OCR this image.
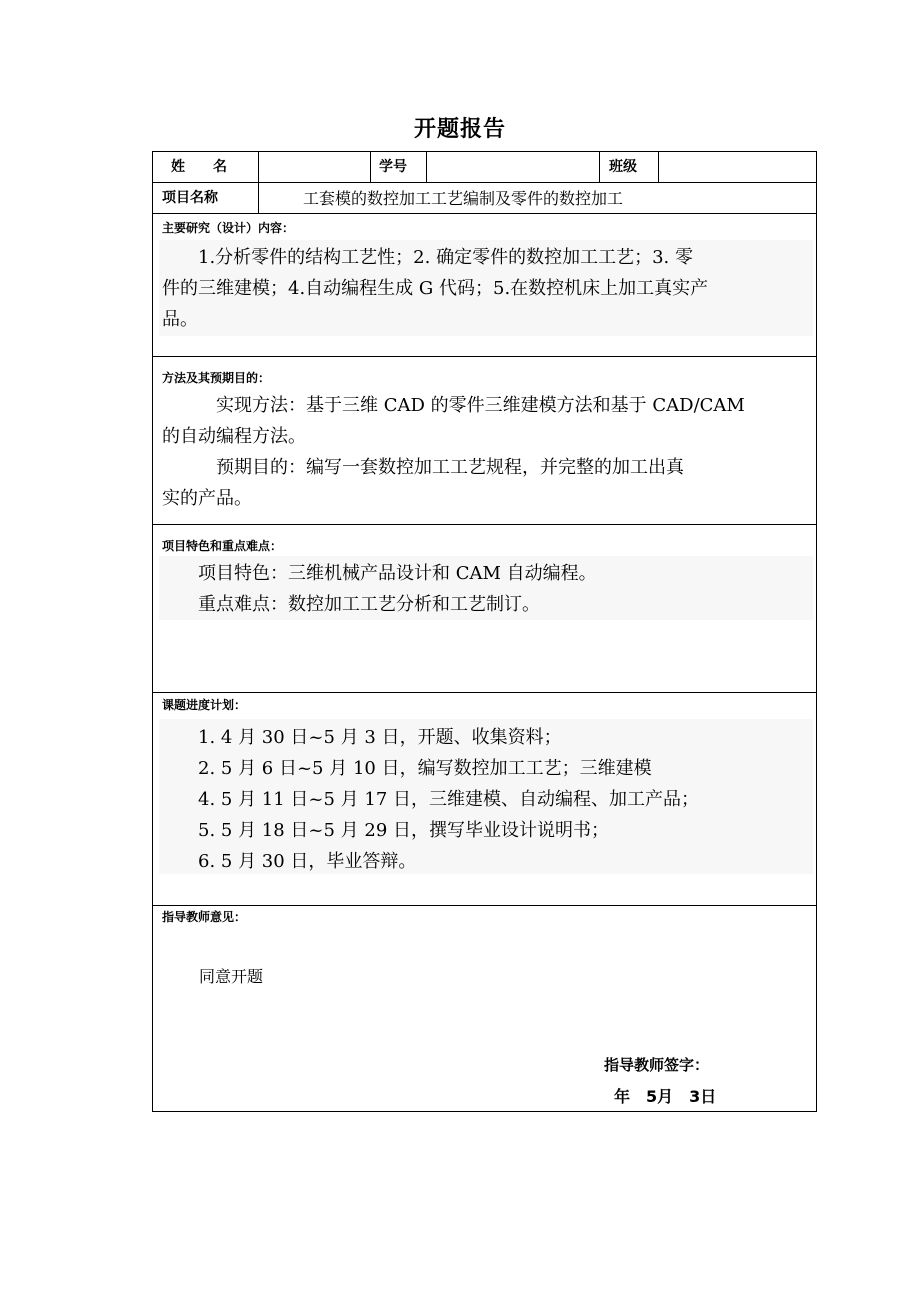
开题报告
姓　　名	学号	班级
项目名称	工套模的数控加工工艺编制及零件的数控加工
主要研究（设计）内容：
　　1.分析零件的结构工艺性；2. 确定零件的数控加工工艺；3. 零
件的三维建模；4.自动编程生成 G 代码；5.在数控机床上加工真实产
品。
方法及其预期目的：
　　　实现方法：基于三维 CAD 的零件三维建模方法和基于 CAD/CAM
的自动编程方法。
　　　预期目的：编写一套数控加工工艺规程，并完整的加工出真
实的产品。
项目特色和重点难点：
　　项目特色：三维机械产品设计和 CAM 自动编程。
　　重点难点：数控加工工艺分析和工艺制订。
课题进度计划：
　　1. 4 月 30 日~5 月 3 日，开题、收集资料；
　　2. 5 月 6 日~5 月 10 日，编写数控加工工艺；三维建模
　　4. 5 月 11 日~5 月 17 日，三维建模、自动编程、加工产品；
　　5. 5 月 18 日~5 月 29 日，撰写毕业设计说明书；
　　6. 5 月 30 日，毕业答辩。
指导教师意见：
同意开题
指导教师签字：
年　5月　3日
